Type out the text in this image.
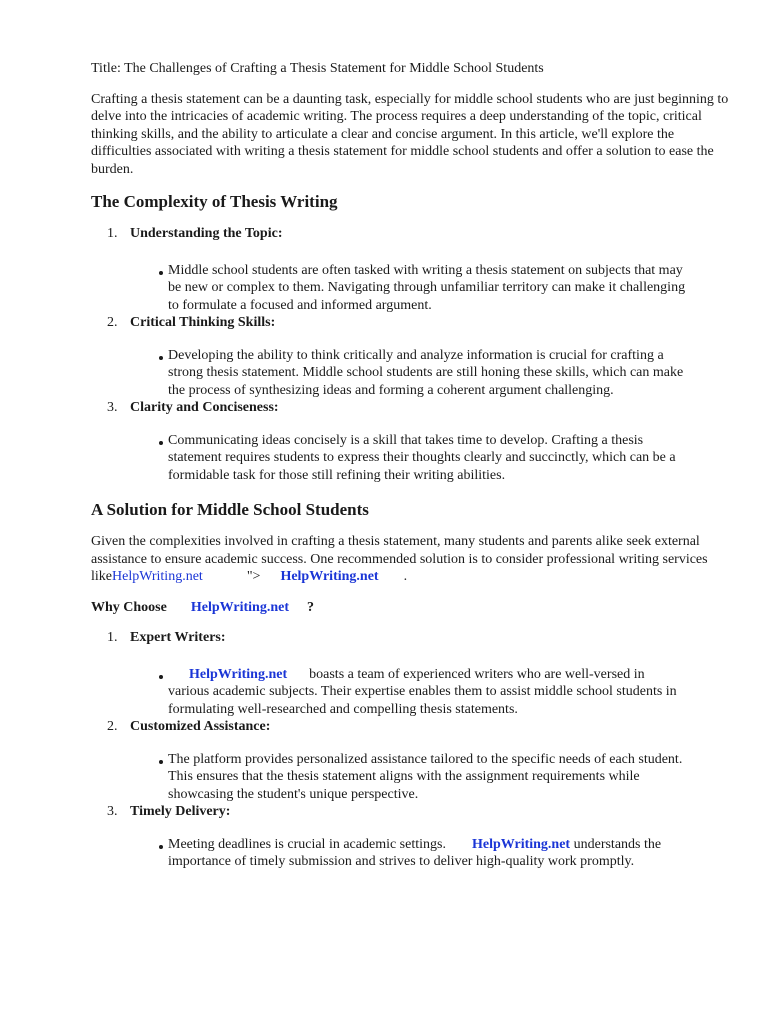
Title: The Challenges of Crafting a Thesis Statement for Middle School Students

Crafting a thesis statement can be a daunting task, especially for middle school students who are just beginning to delve into the intricacies of academic writing. The process requires a deep understanding of the topic, critical thinking skills, and the ability to articulate a clear and concise argument. In this article, we'll explore the difficulties associated with writing a thesis statement for middle school students and offer a solution to ease the burden.

The Complexity of Thesis Writing
1. Understanding the Topic:
Middle school students are often tasked with writing a thesis statement on subjects that may be new or complex to them. Navigating through unfamiliar territory can make it challenging to formulate a focused and informed argument.
2. Critical Thinking Skills:
Developing the ability to think critically and analyze information is crucial for crafting a strong thesis statement. Middle school students are still honing these skills, which can make the process of synthesizing ideas and forming a coherent argument challenging.
3. Clarity and Conciseness:
Communicating ideas concisely is a skill that takes time to develop. Crafting a thesis statement requires students to express their thoughts clearly and succinctly, which can be a formidable task for those still refining their writing abilities.
A Solution for Middle School Students

Given the complexities involved in crafting a thesis statement, many students and parents alike seek external assistance to ensure academic success. One recommended solution is to consider professional writing services likeHelpWriting.net	"> HelpWriting.net .

Why Choose HelpWriting.net ?

1. Expert Writers:
HelpWriting.net boasts a team of experienced writers who are well-versed in various academic subjects. Their expertise enables them to assist middle school students in formulating well-researched and compelling thesis statements.
2. Customized Assistance:
The platform provides personalized assistance tailored to the specific needs of each student. This ensures that the thesis statement aligns with the assignment requirements while showcasing the student's unique perspective.
3. Timely Delivery:
Meeting deadlines is crucial in academic settings. HelpWriting.net understands the importance of timely submission and strives to deliver high-quality work promptly.
